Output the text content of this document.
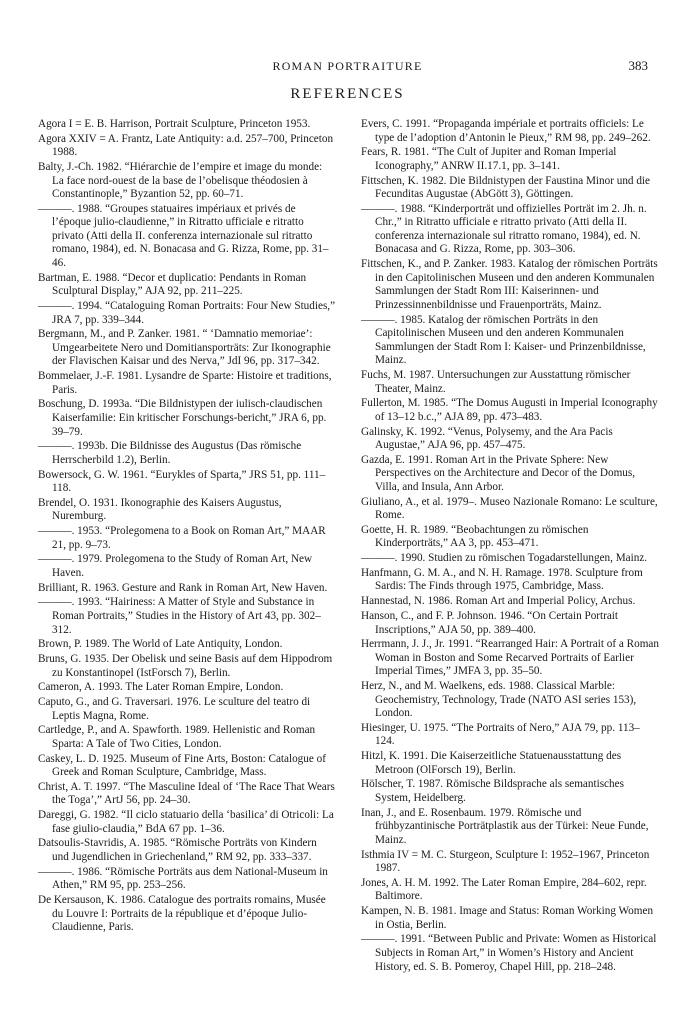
ROMAN PORTRAITURE	383
REFERENCES

Agora I = E. B. Harrison, Portrait Sculpture, Princeton 1953.

Agora XXIV = A. Frantz, Late Antiquity: a.d. 257–700, Princeton 1988.

Balty, J.-Ch. 1982. “Hiérarchie de l’empire et image du monde: La face nord-ouest de la base de l’obelisque théodosien à Constantinople,” Byzantion 52, pp. 60–71.

———. 1988. “Groupes statuaires impériaux et privés de l’époque julio-claudienne,” in Ritratto ufficiale e ritratto privato (Atti della II. conferenza internazionale sul ritratto romano, 1984), ed. N. Bonacasa and G. Rizza, Rome, pp. 31–46.

Bartman, E. 1988. “Decor et duplicatio: Pendants in Roman Sculptural Display,” AJA 92, pp. 211–225.

———. 1994. “Cataloguing Roman Portraits: Four New Studies,” JRA 7, pp. 339–344.

Bergmann, M., and P. Zanker. 1981. “ ‘Damnatio memoriae’: Umgearbeitete Nero und Domitiansporträts: Zur Ikonographie der Flavischen Kaisar und des Nerva,” JdI 96, pp. 317–342.

Bommelaer, J.-F. 1981. Lysandre de Sparte: Histoire et traditions, Paris.

Boschung, D. 1993a. “Die Bildnistypen der iulisch-claudischen Kaiserfamilie: Ein kritischer Forschungs-bericht,” JRA 6, pp. 39–79.

———. 1993b. Die Bildnisse des Augustus (Das römische Herrscherbild 1.2), Berlin.

Bowersock, G. W. 1961. “Eurykles of Sparta,” JRS 51, pp. 111–118.

Brendel, O. 1931. Ikonographie des Kaisers Augustus, Nuremburg.

———. 1953. “Prolegomena to a Book on Roman Art,” MAAR 21, pp. 9–73.

———. 1979. Prolegomena to the Study of Roman Art, New Haven.

Brilliant, R. 1963. Gesture and Rank in Roman Art, New Haven.

———. 1993. “Hairiness: A Matter of Style and Substance in Roman Portraits,” Studies in the History of Art 43, pp. 302–312.

Brown, P. 1989. The World of Late Antiquity, London.

Bruns, G. 1935. Der Obelisk und seine Basis auf dem Hippodrom zu Konstantinopel (IstForsch 7), Berlin.

Cameron, A. 1993. The Later Roman Empire, London.

Caputo, G., and G. Traversari. 1976. Le sculture del teatro di Leptis Magna, Rome.

Cartledge, P., and A. Spawforth. 1989. Hellenistic and Roman Sparta: A Tale of Two Cities, London.

Caskey, L. D. 1925. Museum of Fine Arts, Boston: Catalogue of Greek and Roman Sculpture, Cambridge, Mass.

Christ, A. T. 1997. “The Masculine Ideal of ‘The Race That Wears the Toga’,” ArtJ 56, pp. 24–30.

Dareggi, G. 1982. “Il ciclo statuario della ‘basilica’ di Otricoli: La fase giulio-claudia,” BdA 67 pp. 1–36.

Datsoulis-Stavridis, A. 1985. “Römische Porträts von Kindern und Jugendlichen in Griechenland,” RM 92, pp. 333–337.

———. 1986. “Römische Porträts aus dem National-Museum in Athen,” RM 95, pp. 253–256.

De Kersauson, K. 1986. Catalogue des portraits romains, Musée du Louvre I: Portraits de la république et d’époque Julio-Claudienne, Paris.

Evers, C. 1991. “Propaganda impériale et portraits officiels: Le type de l’adoption d’Antonin le Pieux,” RM 98, pp. 249–262.

Fears, R. 1981. “The Cult of Jupiter and Roman Imperial Iconography,” ANRW II.17.1, pp. 3–141.

Fittschen, K. 1982. Die Bildnistypen der Faustina Minor und die Fecunditas Augustae (AbGött 3), Göttingen.

———. 1988. “Kinderporträt und offizielles Porträt im 2. Jh. n. Chr.,” in Ritratto ufficiale e ritratto privato (Atti della II. conferenza internazionale sul ritratto romano, 1984), ed. N. Bonacasa and G. Rizza, Rome, pp. 303–306.

Fittschen, K., and P. Zanker. 1983. Katalog der römischen Porträts in den Capitolinischen Museen und den anderen Kommunalen Sammlungen der Stadt Rom III: Kaiserinnen- und Prinzessinnenbildnisse und Frauenporträts, Mainz.

———. 1985. Katalog der römischen Porträts in den Capitolinischen Museen und den anderen Kommunalen Sammlungen der Stadt Rom I: Kaiser- und Prinzenbildnisse, Mainz.

Fuchs, M. 1987. Untersuchungen zur Ausstattung römischer Theater, Mainz.

Fullerton, M. 1985. “The Domus Augusti in Imperial Iconography of 13–12 b.c.,” AJA 89, pp. 473–483.

Galinsky, K. 1992. “Venus, Polysemy, and the Ara Pacis Augustae,” AJA 96, pp. 457–475.

Gazda, E. 1991. Roman Art in the Private Sphere: New Perspectives on the Architecture and Decor of the Domus, Villa, and Insula, Ann Arbor.

Giuliano, A., et al. 1979–. Museo Nazionale Romano: Le sculture, Rome.

Goette, H. R. 1989. “Beobachtungen zu römischen Kinderporträts,” AA 3, pp. 453–471.

———. 1990. Studien zu römischen Togadarstellungen, Mainz.

Hanfmann, G. M. A., and N. H. Ramage. 1978. Sculpture from Sardis: The Finds through 1975, Cambridge, Mass.

Hannestad, N. 1986. Roman Art and Imperial Policy, Archus.

Hanson, C., and F. P. Johnson. 1946. “On Certain Portrait Inscriptions,” AJA 50, pp. 389–400.

Herrmann, J. J., Jr. 1991. “Rearranged Hair: A Portrait of a Roman Woman in Boston and Some Recarved Portraits of Earlier Imperial Times,” JMFA 3, pp. 35–50.

Herz, N., and M. Waelkens, eds. 1988. Classical Marble: Geochemistry, Technology, Trade (NATO ASI series 153), London.

Hiesinger, U. 1975. “The Portraits of Nero,” AJA 79, pp. 113–124.

Hitzl, K. 1991. Die Kaiserzeitliche Statuenausstattung des Metroon (OlForsch 19), Berlin.

Hölscher, T. 1987. Römische Bildsprache als semantisches System, Heidelberg.

Inan, J., and E. Rosenbaum. 1979. Römische und frühbyzantinische Porträtplastik aus der Türkei: Neue Funde, Mainz.

Isthmia IV = M. C. Sturgeon, Sculpture I: 1952–1967, Princeton 1987.

Jones, A. H. M. 1992. The Later Roman Empire, 284–602, repr. Baltimore.

Kampen, N. B. 1981. Image and Status: Roman Working Women in Ostia, Berlin.

———. 1991. “Between Public and Private: Women as Historical Subjects in Roman Art,” in Women’s History and Ancient History, ed. S. B. Pomeroy, Chapel Hill, pp. 218–248.
